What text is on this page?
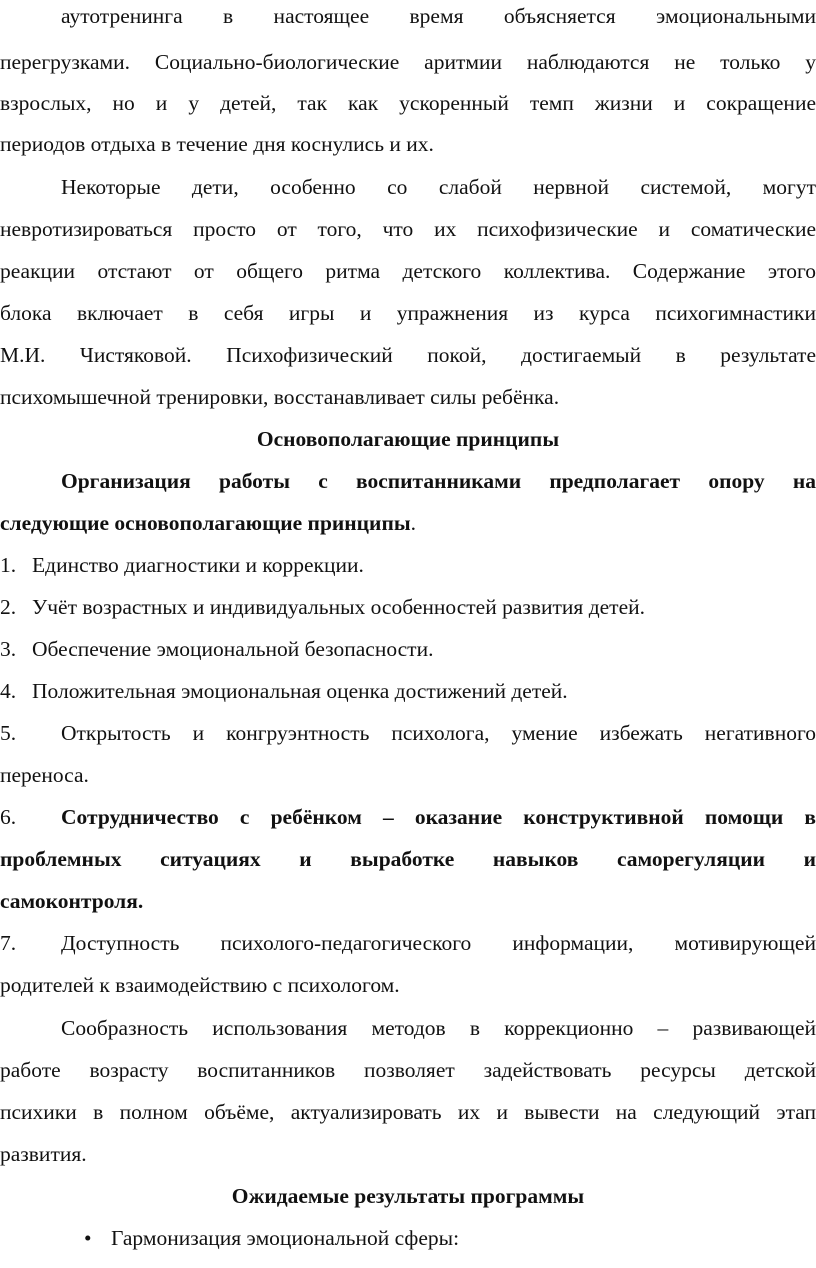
аутотренинга в настоящее время объясняется эмоциональными
перегрузками. Социально-биологические аритмии наблюдаются не только у
взрослых, но и у детей, так как ускоренный темп жизни и сокращение
периодов отдыха в течение дня коснулись и их.
Некоторые дети, особенно со слабой нервной системой, могут
невротизироваться просто от того, что их психофизические и соматические
реакции отстают от общего ритма детского коллектива. Содержание этого
блока включает в себя игры и упражнения из курса психогимнастики
М.И. Чистяковой. Психофизический покой, достигаемый в результате
психомышечной тренировки, восстанавливает силы ребёнка.
Основополагающие принципы
Организация работы с воспитанниками предполагает опору на
следующие основополагающие принципы.
1. Единство диагностики и коррекции.
2. Учёт возрастных и индивидуальных особенностей развития детей.
3. Обеспечение эмоциональной безопасности.
4. Положительная эмоциональная оценка достижений детей.
5. Открытость и конгруэнтность психолога, умение избежать негативного
переноса.
6. Сотрудничество с ребёнком – оказание конструктивной помощи в
проблемных ситуациях и выработке навыков саморегуляции и
самоконтроля.
7. Доступность психолого-педагогического информации, мотивирующей
родителей к взаимодействию с психологом.
Сообразность использования методов в коррекционно – развивающей
работе возрасту воспитанников позволяет задействовать ресурсы детской
психики в полном объёме, актуализировать их и вывести на следующий этап
развития.
Ожидаемые результаты программы
• Гармонизация эмоциональной сферы:
